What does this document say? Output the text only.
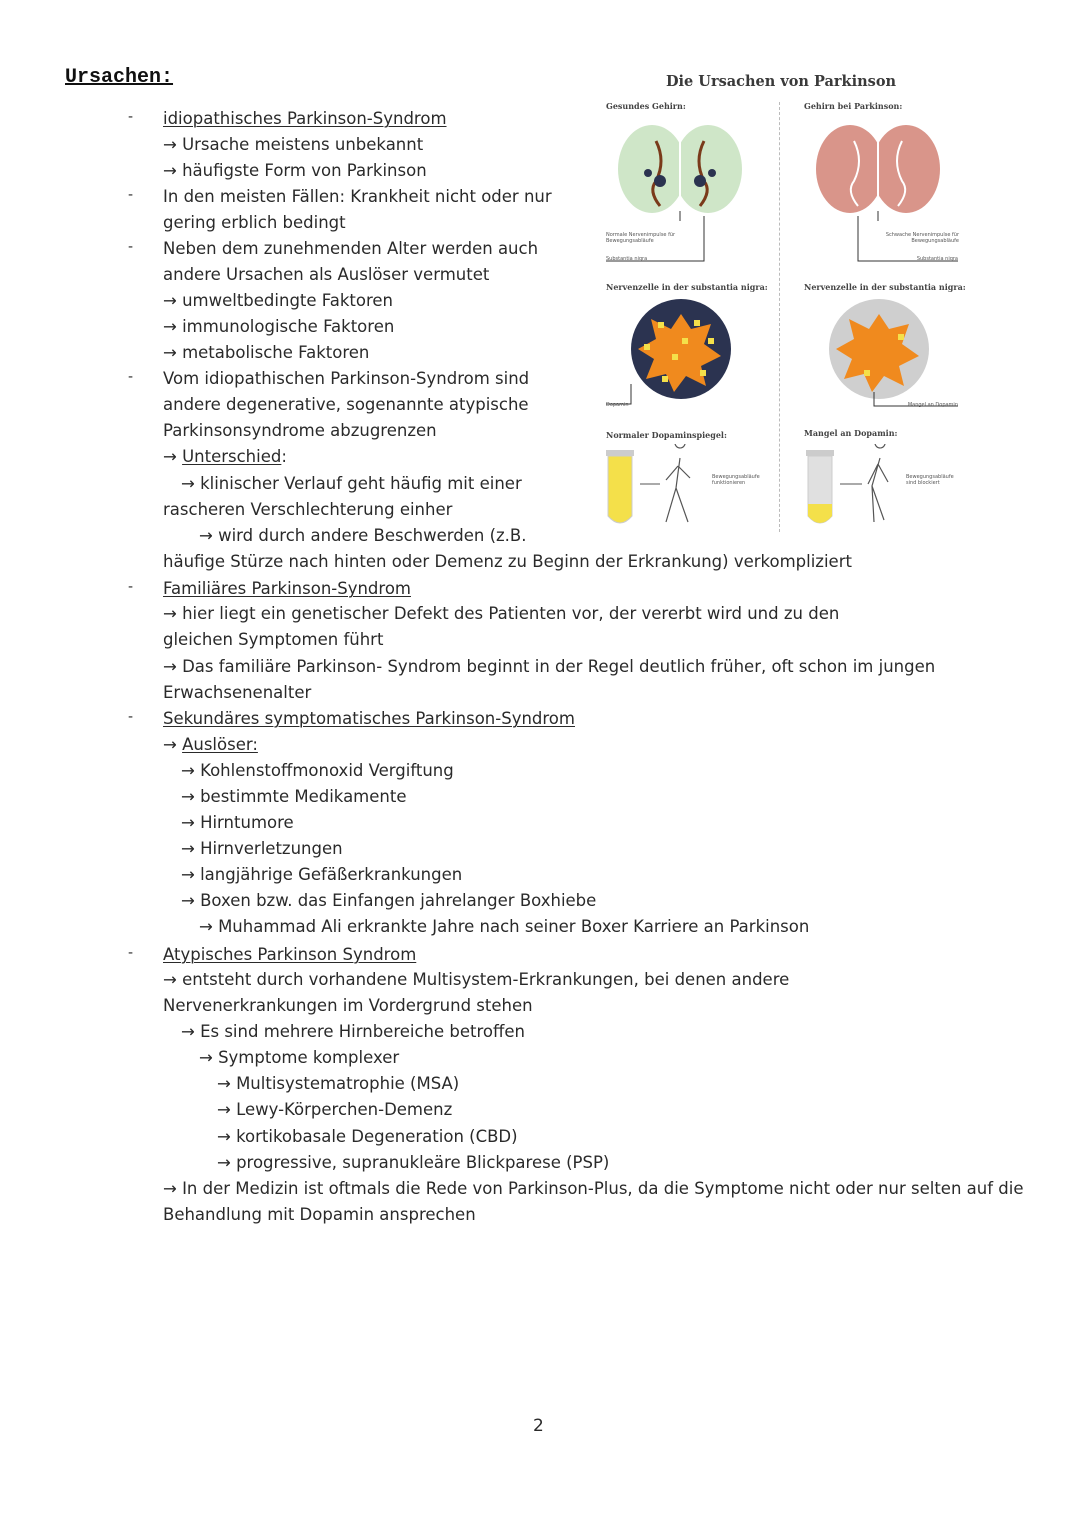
Ursachen:
idiopathisches Parkinson-Syndrom
-
→ Ursache meistens unbekannt
→ häufigste Form von Parkinson
In den meisten Fällen: Krankheit nicht oder nur
-
gering erblich bedingt
Neben dem zunehmenden Alter werden auch
-
andere Ursachen als Auslöser vermutet
→ umweltbedingte Faktoren
→ immunologische Faktoren
→ metabolische Faktoren
Vom idiopathischen Parkinson-Syndrom sind
-
andere degenerative, sogenannte atypische
Parkinsonsyndrome abzugrenzen
→ Unterschied:
→ klinischer Verlauf geht häufig mit einer
rascheren Verschlechterung einher
→ wird durch andere Beschwerden (z.B.
häufige Stürze nach hinten oder Demenz zu Beginn der Erkrankung) verkompliziert
Familiäres Parkinson-Syndrom
-
→ hier liegt ein genetischer Defekt des Patienten vor, der vererbt wird und zu den
gleichen Symptomen führt
→ Das familiäre Parkinson- Syndrom beginnt in der Regel deutlich früher, oft schon im jungen
Erwachsenenalter
Sekundäres symptomatisches Parkinson-Syndrom
-
→ Auslöser:
→ Kohlenstoffmonoxid Vergiftung
→ bestimmte Medikamente
→ Hirntumore
→ Hirnverletzungen
→ langjährige Gefäßerkrankungen
→ Boxen bzw. das Einfangen jahrelanger Boxhiebe
→ Muhammad Ali erkrankte Jahre nach seiner Boxer Karriere an Parkinson
Atypisches Parkinson Syndrom
-
→ entsteht durch vorhandene Multisystem-Erkrankungen, bei denen andere
Nervenerkrankungen im Vordergrund stehen
→ Es sind mehrere Hirnbereiche betroffen
→ Symptome komplexer
→ Multisystematrophie (MSA)
→ Lewy-Körperchen-Demenz
→ kortikobasale Degeneration (CBD)
→ progressive, supranukleäre Blickparese (PSP)
→ In der Medizin ist oftmals die Rede von Parkinson-Plus, da die Symptome nicht oder nur selten auf die
Behandlung mit Dopamin ansprechen
Die Ursachen von Parkinson
Gesundes Gehirn:	Gehirn bei Parkinson:
Normale Nervenimpulse für Bewegungsabläufe
Substantia nigra
Schwache Nervenimpulse für Bewegungsabläufe
Substantia nigra
Nervenzelle in der substantia nigra:	Nervenzelle in der substantia nigra:
Dopamin	Mangel an Dopamin
Normaler Dopaminspiegel:	Mangel an Dopamin:
Bewegungsabläufe funktionieren
Bewegungsabläufe sind blockiert
2
